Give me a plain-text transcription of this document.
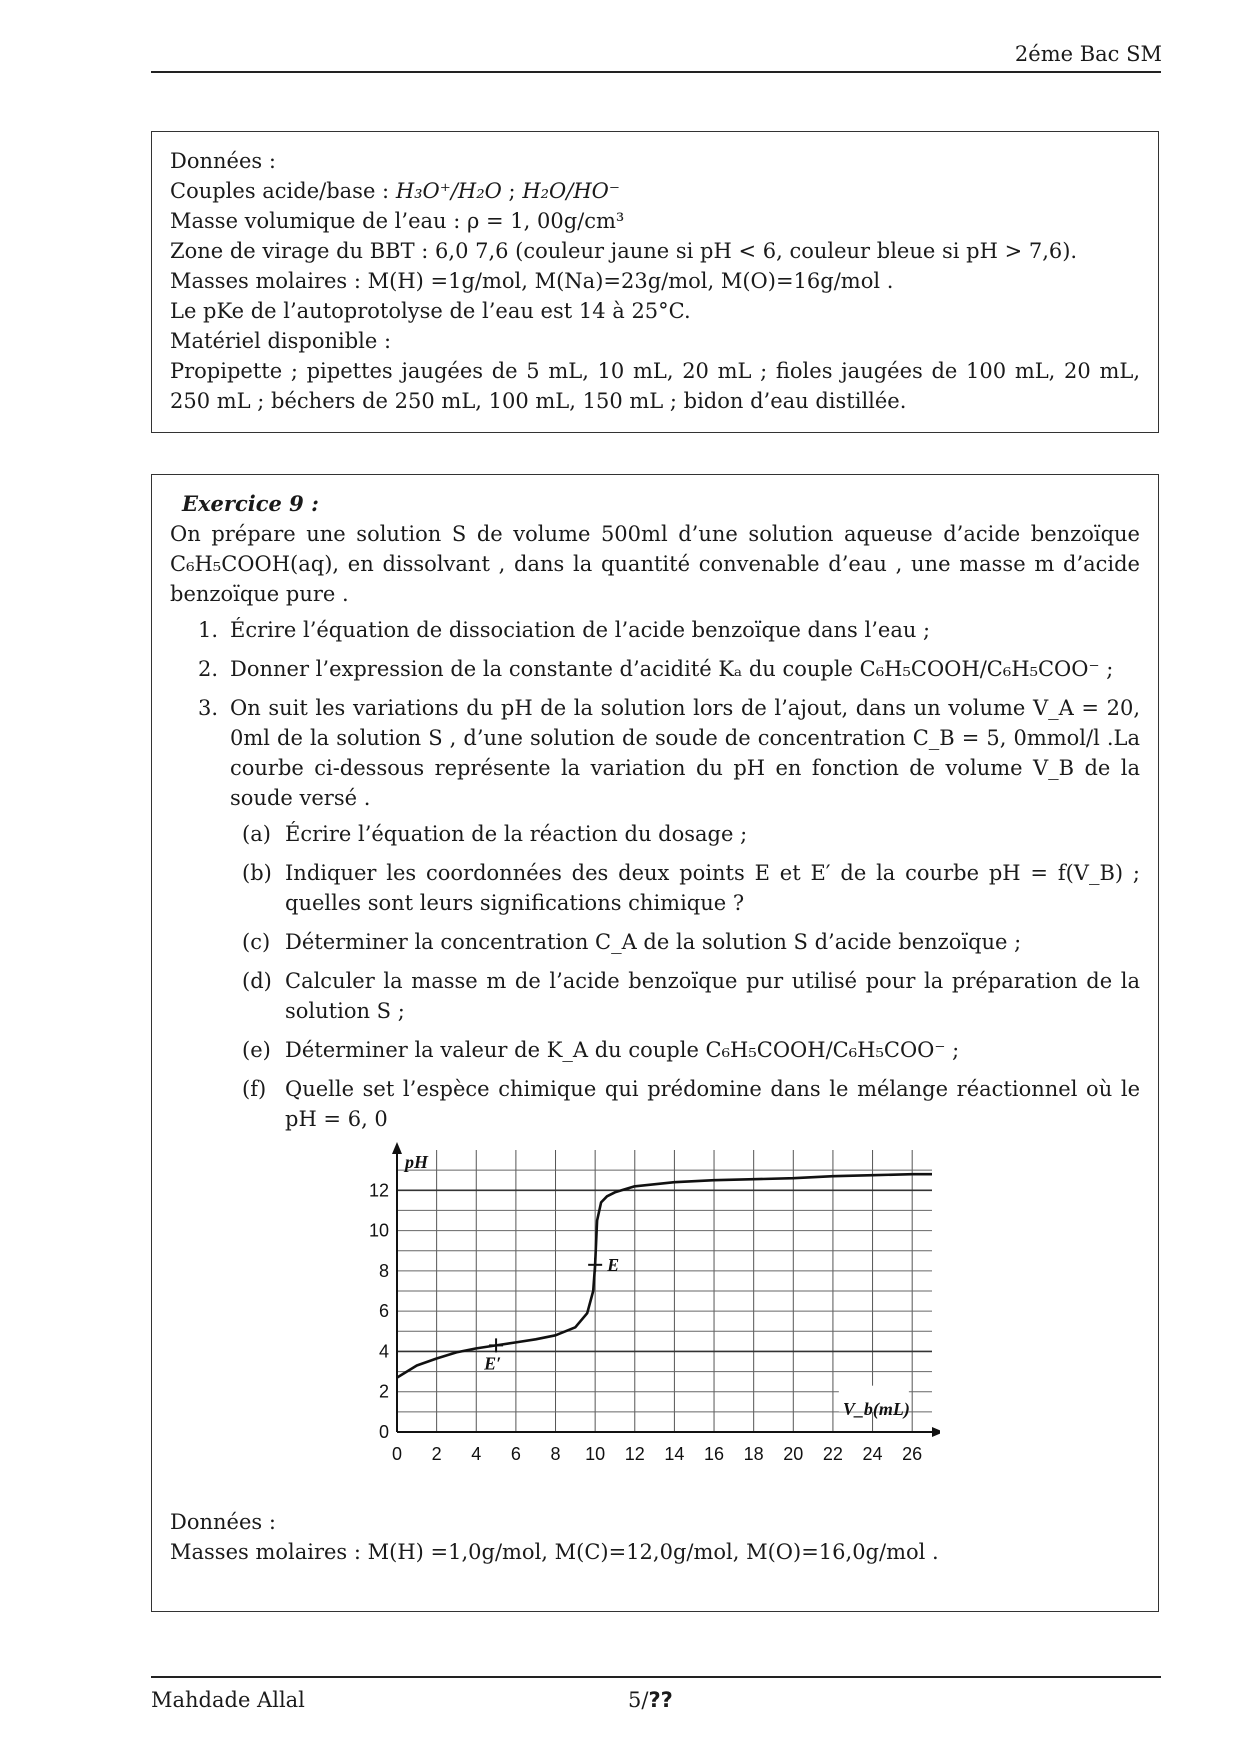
2éme Bac SM
Données :
Couples acide/base : H₃O⁺/H₂O ; H₂O/HO⁻
Masse volumique de l’eau : ρ = 1, 00g/cm³
Zone de virage du BBT : 6,0 7,6 (couleur jaune si pH < 6, couleur bleue si pH > 7,6).
Masses molaires : M(H) =1g/mol, M(Na)=23g/mol, M(O)=16g/mol .
Le pKe de l’autoprotolyse de l’eau est 14 à 25°C.
Matériel disponible :
Propipette ; pipettes jaugées de 5 mL, 10 mL, 20 mL ; fioles jaugées de 100 mL, 20 mL, 250 mL ; béchers de 250 mL, 100 mL, 150 mL ; bidon d’eau distillée.
Exercice 9 :
On prépare une solution S de volume 500ml d’une solution aqueuse d’acide benzoïque C₆H₅COOH(aq), en dissolvant , dans la quantité convenable d’eau , une masse m d’acide benzoïque pure .
1. Écrire l’équation de dissociation de l’acide benzoïque dans l’eau ;
2. Donner l’expression de la constante d’acidité Kₐ du couple C₆H₅COOH/C₆H₅COO⁻ ;
3. On suit les variations du pH de la solution lors de l’ajout, dans un volume V_A = 20, 0ml de la solution S , d’une solution de soude de concentration C_B = 5, 0mmol/l .La courbe ci-dessous représente la variation du pH en fonction de volume V_B de la soude versé .
(a) Écrire l’équation de la réaction du dosage ;
(b) Indiquer les coordonnées des deux points E et E′ de la courbe pH = f(V_B) ; quelles sont leurs significations chimique ?
(c) Déterminer la concentration C_A de la solution S d’acide benzoïque ;
(d) Calculer la masse m de l’acide benzoïque pur utilisé pour la préparation de la solution S ;
(e) Déterminer la valeur de K_A du couple C₆H₅COOH/C₆H₅COO⁻ ;
(f) Quelle set l’espèce chimique qui prédomine dans le mélange réactionnel où le pH = 6, 0
Données :
Masses molaires : M(H) =1,0g/mol, M(C)=12,0g/mol, M(O)=16,0g/mol .
0 2 4 6 8 10 12 14 16 18 20 22 24 26
0
2
4
6
8
10
12
pH
V_b(mL)
E
E′
Mahdade Allal	5/??
